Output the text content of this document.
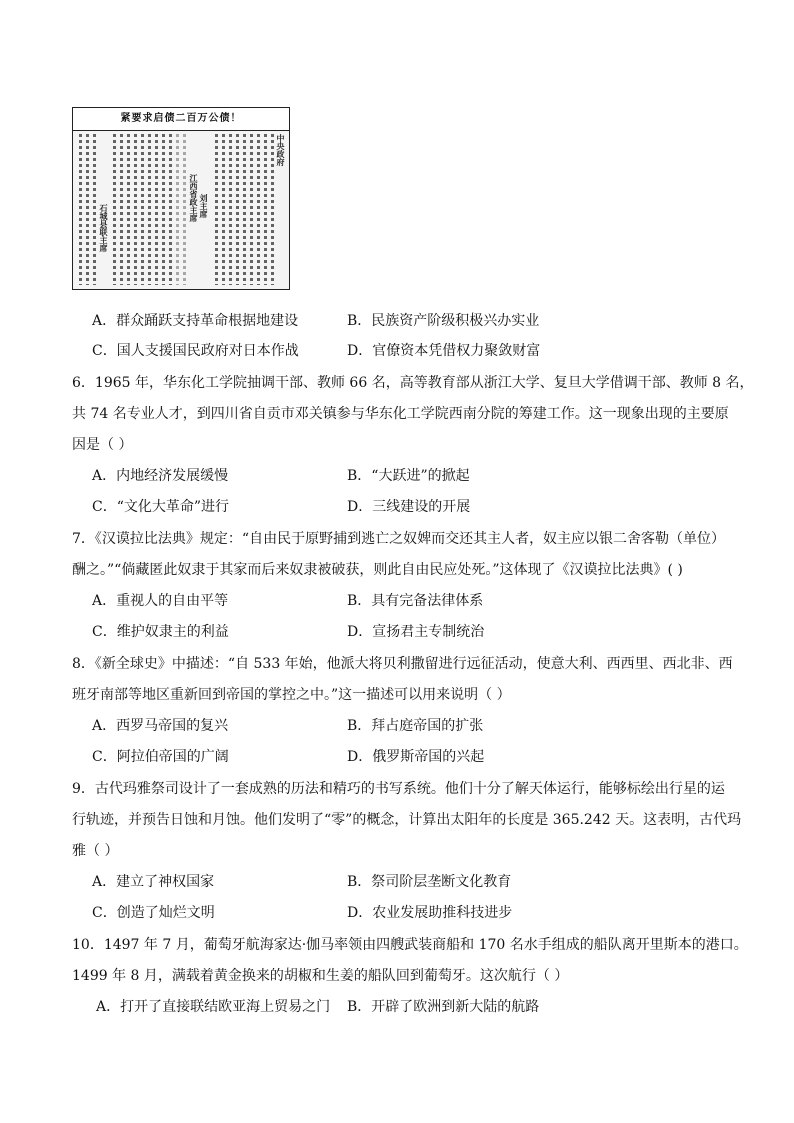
紧要求启债二百万公债！
石城县联主席
江西省政主席 刘主席
中央政府
A．群众踊跃支持革命根据地建设	B．民族资产阶级积极兴办实业
C．国人支援国民政府对日本作战	D．官僚资本凭借权力聚敛财富
6．1965 年，华东化工学院抽调干部、教师 66 名，高等教育部从浙江大学、复旦大学借调干部、教师 8 名，
共 74 名专业人才，到四川省自贡市邓关镇参与华东化工学院西南分院的筹建工作。这一现象出现的主要原
因是（ ）
A．内地经济发展缓慢	B．“大跃进”的掀起
C．“文化大革命”进行	D．三线建设的开展
7．《汉谟拉比法典》规定：“自由民于原野捕到逃亡之奴婢而交还其主人者，奴主应以银二舍客勒（单位）
酬之。”“倘藏匿此奴隶于其家而后来奴隶被破获，则此自由民应处死。”这体现了《汉谟拉比法典》( )
A．重视人的自由平等	B．具有完备法律体系
C．维护奴隶主的利益	D．宣扬君主专制统治
8．《新全球史》中描述：“自 533 年始，他派大将贝利撒留进行远征活动，使意大利、西西里、西北非、西
班牙南部等地区重新回到帝国的掌控之中。”这一描述可以用来说明（ ）
A．西罗马帝国的复兴	B．拜占庭帝国的扩张
C．阿拉伯帝国的广阔	D．俄罗斯帝国的兴起
9．古代玛雅祭司设计了一套成熟的历法和精巧的书写系统。他们十分了解天体运行，能够标绘出行星的运
行轨迹，并预告日蚀和月蚀。他们发明了“零”的概念，计算出太阳年的长度是 365.242 天。这表明，古代玛
雅（ ）
A．建立了神权国家	B．祭司阶层垄断文化教育
C．创造了灿烂文明	D．农业发展助推科技进步
10．1497 年 7 月，葡萄牙航海家达·伽马率领由四艘武装商船和 170 名水手组成的船队离开里斯本的港口。
1499 年 8 月，满载着黄金换来的胡椒和生姜的船队回到葡萄牙。这次航行（ ）
A．打开了直接联结欧亚海上贸易之门 B．开辟了欧洲到新大陆的航路
